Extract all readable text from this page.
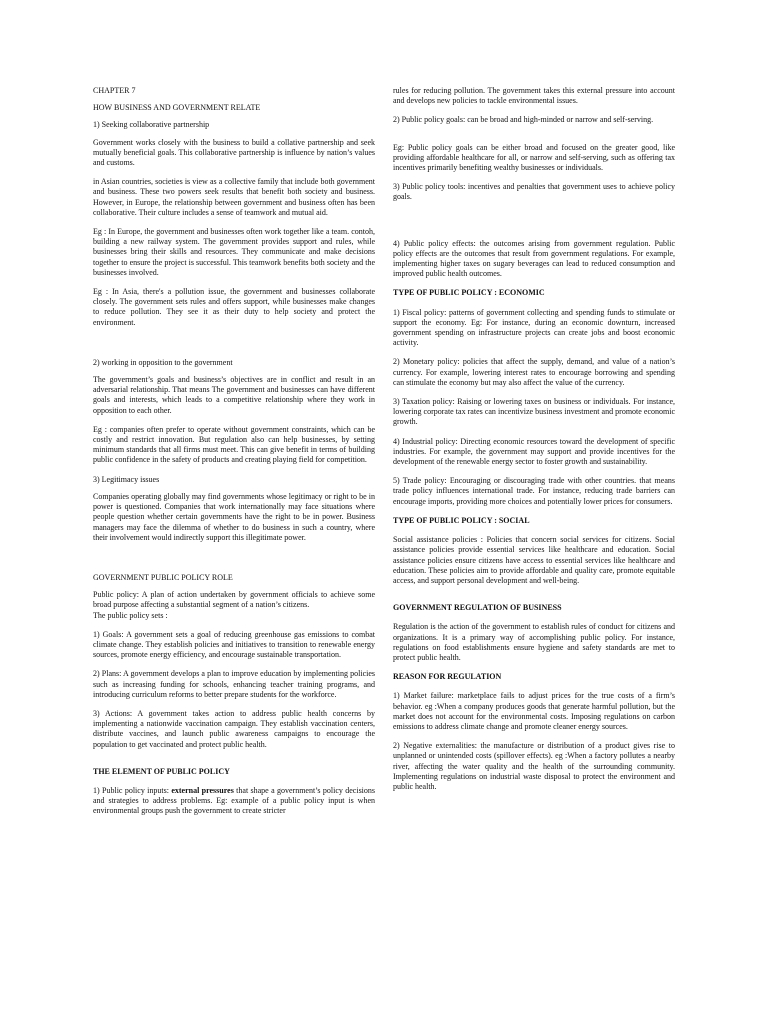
CHAPTER 7

HOW BUSINESS AND GOVERNMENT RELATE

1) Seeking collaborative partnership

Government works closely with the business to build a collative partnership and seek mutually beneficial goals. This collaborative partnership is influence by nation’s values and customs.

in Asian countries, societies is view as a collective family that include both government and business. These two powers seek results that benefit both society and business. However, in Europe, the relationship between government and business often has been collaborative. Their culture includes a sense of teamwork and mutual aid.

Eg : In Europe, the government and businesses often work together like a team. contoh, building a new railway system. The government provides support and rules, while businesses bring their skills and resources. They communicate and make decisions together to ensure the project is successful. This teamwork benefits both society and the businesses involved.

Eg : In Asia, there's a pollution issue, the government and businesses collaborate closely. The government sets rules and offers support, while businesses make changes to reduce pollution. They see it as their duty to help society and protect the environment.

2) working in opposition to the government

The government’s goals and business’s objectives are in conflict and result in an adversarial relationship. That means The government and businesses can have different goals and interests, which leads to a competitive relationship where they work in opposition to each other.

Eg : companies often prefer to operate without government constraints, which can be costly and restrict innovation. But regulation also can help businesses, by setting minimum standards that all firms must meet. This can give benefit in terms of building public confidence in the safety of products and creating playing field for competition.

3) Legitimacy issues

Companies operating globally may find governments whose legitimacy or right to be in power is questioned. Companies that work internationally may face situations where people question whether certain governments have the right to be in power. Business managers may face the dilemma of whether to do business in such a country, where their involvement would indirectly support this illegitimate power.

GOVERNMENT PUBLIC POLICY ROLE

Public policy: A plan of action undertaken by government officials to achieve some broad purpose affecting a substantial segment of a nation’s citizens.

The public policy sets :

1) Goals: A government sets a goal of reducing greenhouse gas emissions to combat climate change. They establish policies and initiatives to transition to renewable energy sources, promote energy efficiency, and encourage sustainable transportation.

2) Plans: A government develops a plan to improve education by implementing policies such as increasing funding for schools, enhancing teacher training programs, and introducing curriculum reforms to better prepare students for the workforce.

3) Actions: A government takes action to address public health concerns by implementing a nationwide vaccination campaign. They establish vaccination centers, distribute vaccines, and launch public awareness campaigns to encourage the population to get vaccinated and protect public health.

THE ELEMENT OF PUBLIC POLICY

1) Public policy inputs: external pressures that shape a government’s policy decisions and strategies to address problems. Eg: example of a public policy input is when environmental groups push the government to create stricter

rules for reducing pollution. The government takes this external pressure into account and develops new policies to tackle environmental issues.

2) Public policy goals: can be broad and high-minded or narrow and self-serving.

Eg: Public policy goals can be either broad and focused on the greater good, like providing affordable healthcare for all, or narrow and self-serving, such as offering tax incentives primarily benefiting wealthy businesses or individuals.

3) Public policy tools: incentives and penalties that government uses to achieve policy goals.

4) Public policy effects: the outcomes arising from government regulation. Public policy effects are the outcomes that result from government regulations. For example, implementing higher taxes on sugary beverages can lead to reduced consumption and improved public health outcomes.

TYPE OF PUBLIC POLICY : ECONOMIC

1) Fiscal policy: patterns of government collecting and spending funds to stimulate or support the economy. Eg: For instance, during an economic downturn, increased government spending on infrastructure projects can create jobs and boost economic activity.

2) Monetary policy: policies that affect the supply, demand, and value of a nation’s currency. For example, lowering interest rates to encourage borrowing and spending can stimulate the economy but may also affect the value of the currency.

3) Taxation policy: Raising or lowering taxes on business or individuals. For instance, lowering corporate tax rates can incentivize business investment and promote economic growth.

4) Industrial policy: Directing economic resources toward the development of specific industries. For example, the government may support and provide incentives for the development of the renewable energy sector to foster growth and sustainability.

5) Trade policy: Encouraging or discouraging trade with other countries. that means trade policy influences international trade. For instance, reducing trade barriers can encourage imports, providing more choices and potentially lower prices for consumers.

TYPE OF PUBLIC POLICY : SOCIAL

Social assistance policies : Policies that concern social services for citizens. Social assistance policies provide essential services like healthcare and education. Social assistance policies ensure citizens have access to essential services like healthcare and education. These policies aim to provide affordable and quality care, promote equitable access, and support personal development and well-being.

GOVERNMENT REGULATION OF BUSINESS

Regulation is the action of the government to establish rules of conduct for citizens and organizations. It is a primary way of accomplishing public policy. For instance, regulations on food establishments ensure hygiene and safety standards are met to protect public health.

REASON FOR REGULATION

1) Market failure: marketplace fails to adjust prices for the true costs of a firm’s behavior. eg :When a company produces goods that generate harmful pollution, but the market does not account for the environmental costs. Imposing regulations on carbon emissions to address climate change and promote cleaner energy sources.

2) Negative externalities: the manufacture or distribution of a product gives rise to unplanned or unintended costs (spillover effects). eg :When a factory pollutes a nearby river, affecting the water quality and the health of the surrounding community. Implementing regulations on industrial waste disposal to protect the environment and public health.
